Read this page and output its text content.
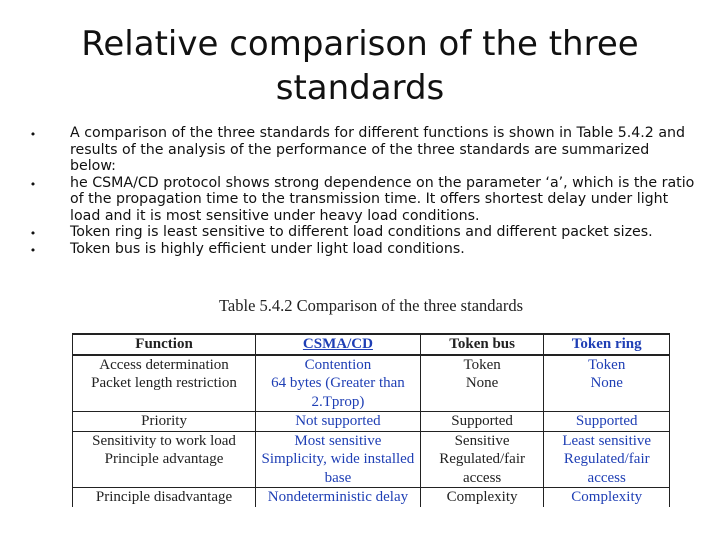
Relative comparison of the three standards
• A comparison of the three standards for different functions is shown in Table 5.4.2 and results of the analysis of the performance of the three standards are summarized below:
• he CSMA/CD protocol shows strong dependence on the parameter ‘a’, which is the ratio of the propagation time to the transmission time. It offers shortest delay under light load and it is most sensitive under heavy load conditions.
• Token ring is least sensitive to different load conditions and different packet sizes.
• Token bus is highly efficient under light load conditions.
Table 5.4.2 Comparison of the three standards
Function	CSMA/CD	Token bus	Token ring
Access determination	Contention	Token	Token
Packet length restriction	64 bytes (Greater than 2.Tprop)	None	None
Priority	Not supported	Supported	Supported
Sensitivity to work load	Most sensitive	Sensitive	Least sensitive
Principle advantage	Simplicity, wide installed base	Regulated/fair access	Regulated/fair access
Principle disadvantage	Nondeterministic delay	Complexity	Complexity
